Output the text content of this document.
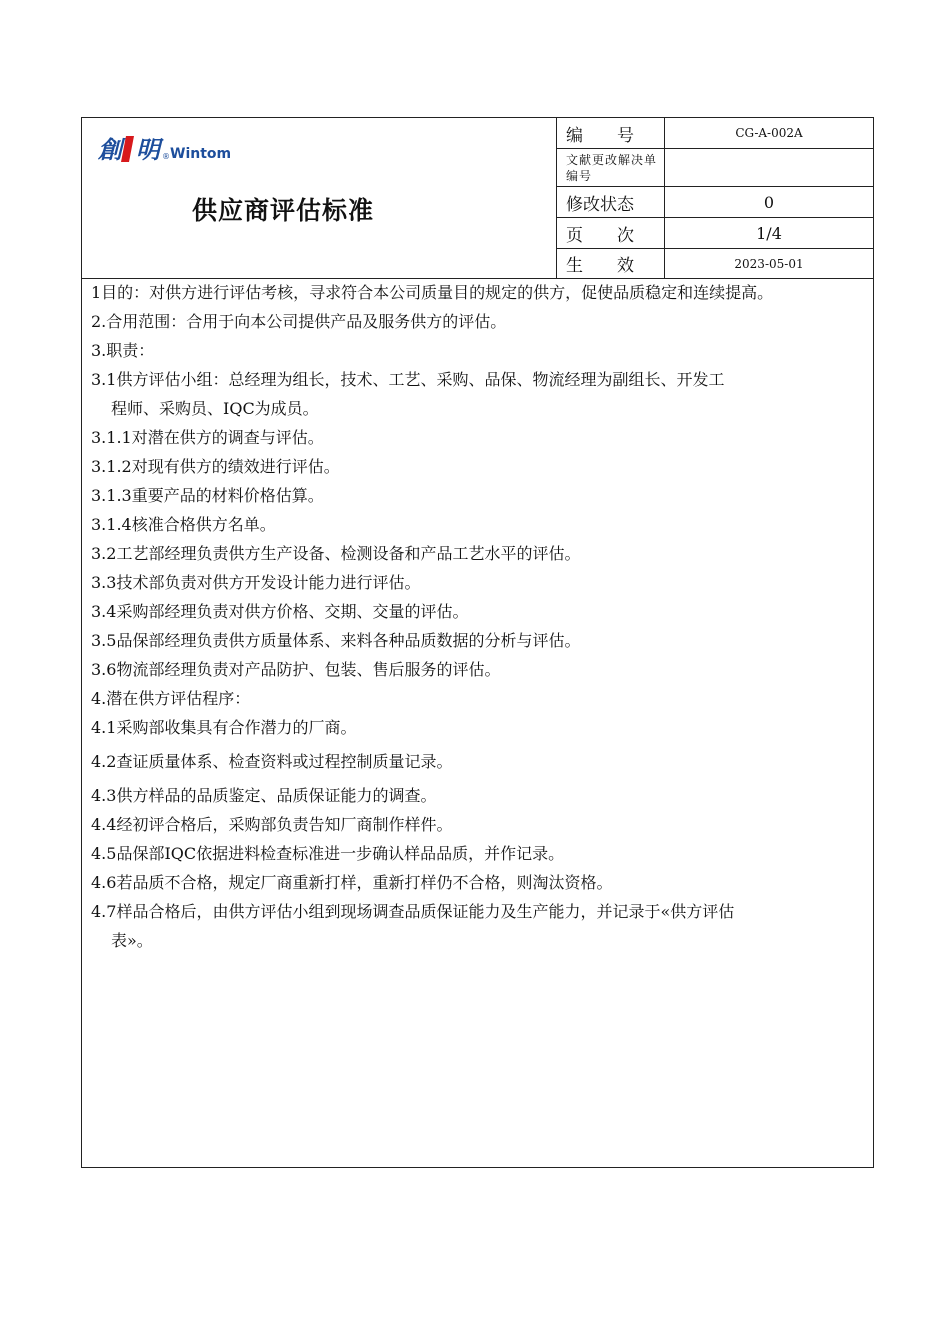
創 明 ® Wintom
供应商评估标准
编　　号	CG-A-002A
文献更改解决单编号
修改状态	0
页　　次	1/4
生　　效	2023-05-01

1目的：对供方进行评估考核，寻求符合本公司质量目的规定的供方，促使品质稳定和连续提高。

2.合用范围：合用于向本公司提供产品及服务供方的评估。

3.职责：

3.1供方评估小组：总经理为组长，技术、工艺、采购、品保、物流经理为副组长、开发工
程师、采购员、IQC为成员。

3.1.1对潜在供方的调查与评估。

3.1.2对现有供方的绩效进行评估。

3.1.3重要产品的材料价格估算。

3.1.4核准合格供方名单。

3.2工艺部经理负责供方生产设备、检测设备和产品工艺水平的评估。

3.3技术部负责对供方开发设计能力进行评估。

3.4采购部经理负责对供方价格、交期、交量的评估。

3.5品保部经理负责供方质量体系、来料各种品质数据的分析与评估。

3.6物流部经理负责对产品防护、包装、售后服务的评估。

4.潜在供方评估程序：

4.1采购部收集具有合作潜力的厂商。

4.2查证质量体系、检查资料或过程控制质量记录。

4.3供方样品的品质鉴定、品质保证能力的调查。

4.4经初评合格后，采购部负责告知厂商制作样件。

4.5品保部IQC依据进料检查标准进一步确认样品品质，并作记录。

4.6若品质不合格，规定厂商重新打样，重新打样仍不合格，则淘汰资格。

4.7样品合格后，由供方评估小组到现场调查品质保证能力及生产能力，并记录于«供方评估
表»。
